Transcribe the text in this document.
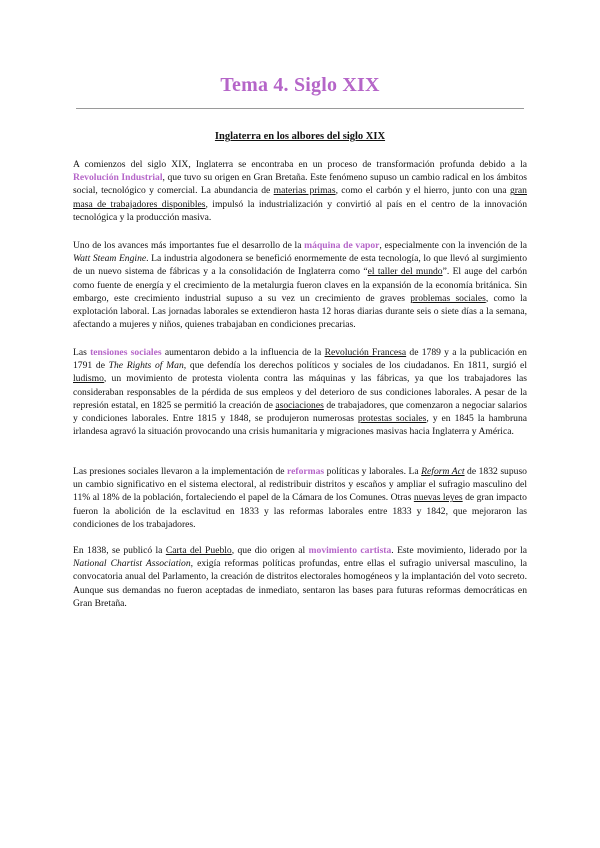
Tema 4. Siglo XIX
Inglaterra en los albores del siglo XIX

A comienzos del siglo XIX, Inglaterra se encontraba en un proceso de transformación profunda debido a la Revolución Industrial, que tuvo su origen en Gran Bretaña. Este fenómeno supuso un cambio radical en los ámbitos social, tecnológico y comercial. La abundancia de materias primas, como el carbón y el hierro, junto con una gran masa de trabajadores disponibles, impulsó la industrialización y convirtió al país en el centro de la innovación tecnológica y la producción masiva.

Uno de los avances más importantes fue el desarrollo de la máquina de vapor, especialmente con la invención de la Watt Steam Engine. La industria algodonera se benefició enormemente de esta tecnología, lo que llevó al surgimiento de un nuevo sistema de fábricas y a la consolidación de Inglaterra como “el taller del mundo”. El auge del carbón como fuente de energía y el crecimiento de la metalurgia fueron claves en la expansión de la economía británica. Sin embargo, este crecimiento industrial supuso a su vez un crecimiento de graves problemas sociales, como la explotación laboral. Las jornadas laborales se extendieron hasta 12 horas diarias durante seis o siete días a la semana, afectando a mujeres y niños, quienes trabajaban en condiciones precarias.

Las tensiones sociales aumentaron debido a la influencia de la Revolución Francesa de 1789 y a la publicación en 1791 de The Rights of Man, que defendía los derechos políticos y sociales de los ciudadanos. En 1811, surgió el ludismo, un movimiento de protesta violenta contra las máquinas y las fábricas, ya que los trabajadores las consideraban responsables de la pérdida de sus empleos y del deterioro de sus condiciones laborales. A pesar de la represión estatal, en 1825 se permitió la creación de asociaciones de trabajadores, que comenzaron a negociar salarios y condiciones laborales. Entre 1815 y 1848, se produjeron numerosas protestas sociales, y en 1845 la hambruna irlandesa agravó la situación provocando una crisis humanitaria y migraciones masivas hacia Inglaterra y América.

Las presiones sociales llevaron a la implementación de reformas políticas y laborales. La Reform Act de 1832 supuso un cambio significativo en el sistema electoral, al redistribuir distritos y escaños y ampliar el sufragio masculino del 11% al 18% de la población, fortaleciendo el papel de la Cámara de los Comunes. Otras nuevas leyes de gran impacto fueron la abolición de la esclavitud en 1833 y las reformas laborales entre 1833 y 1842, que mejoraron las condiciones de los trabajadores.

En 1838, se publicó la Carta del Pueblo, que dio origen al movimiento cartista. Este movimiento, liderado por la National Chartist Association, exigía reformas políticas profundas, entre ellas el sufragio universal masculino, la convocatoria anual del Parlamento, la creación de distritos electorales homogéneos y la implantación del voto secreto. Aunque sus demandas no fueron aceptadas de inmediato, sentaron las bases para futuras reformas democráticas en Gran Bretaña.
